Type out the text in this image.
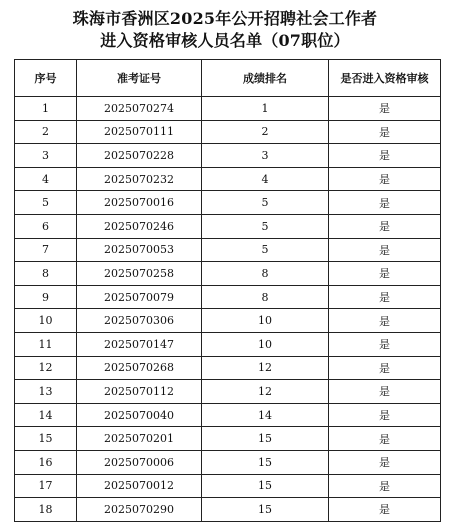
珠海市香洲区2025年公开招聘社会工作者
进入资格审核人员名单（07职位）
序号	准考证号	成绩排名	是否进入资格审核
1	2025070274	1	是
2	2025070111	2	是
3	2025070228	3	是
4	2025070232	4	是
5	2025070016	5	是
6	2025070246	5	是
7	2025070053	5	是
8	2025070258	8	是
9	2025070079	8	是
10	2025070306	10	是
11	2025070147	10	是
12	2025070268	12	是
13	2025070112	12	是
14	2025070040	14	是
15	2025070201	15	是
16	2025070006	15	是
17	2025070012	15	是
18	2025070290	15	是
